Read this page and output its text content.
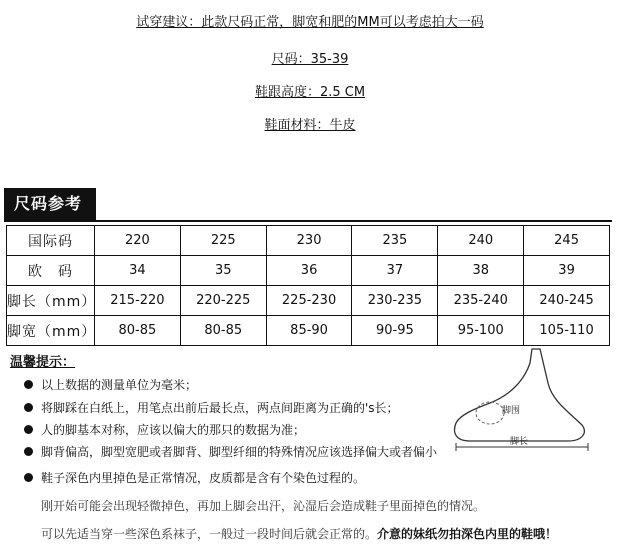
试穿建议：此款尺码正常，脚宽和肥的MM可以考虑拍大一码
尺码：35-39
鞋跟高度：2.5 CM
鞋面材料：牛皮
尺码参考
国际码	220	225	230	235	240	245
欧　码	34	35	36	37	38	39
脚长（mm）	215-220	220-225	225-230	230-235	235-240	240-245
脚宽（mm）	80-85	80-85	85-90	90-95	95-100	105-110
温馨提示：
以上数据的测量单位为毫米；
将脚踩在白纸上，用笔点出前后最长点，两点间距离为正确的's长；
人的脚基本对称，应该以偏大的那只的数据为准；
脚背偏高，脚型宽肥或者脚背、脚型纤细的特殊情况应该选择偏大或者偏小
鞋子深色内里掉色是正常情况，皮质都是含有个染色过程的。
刚开始可能会出现轻微掉色，再加上脚会出汗，沁湿后会造成鞋子里面掉色的情况。
可以先适当穿一些深色系袜子，一般过一段时间后就会正常的。介意的妹纸勿拍深色内里的鞋哦！
脚围
脚长
